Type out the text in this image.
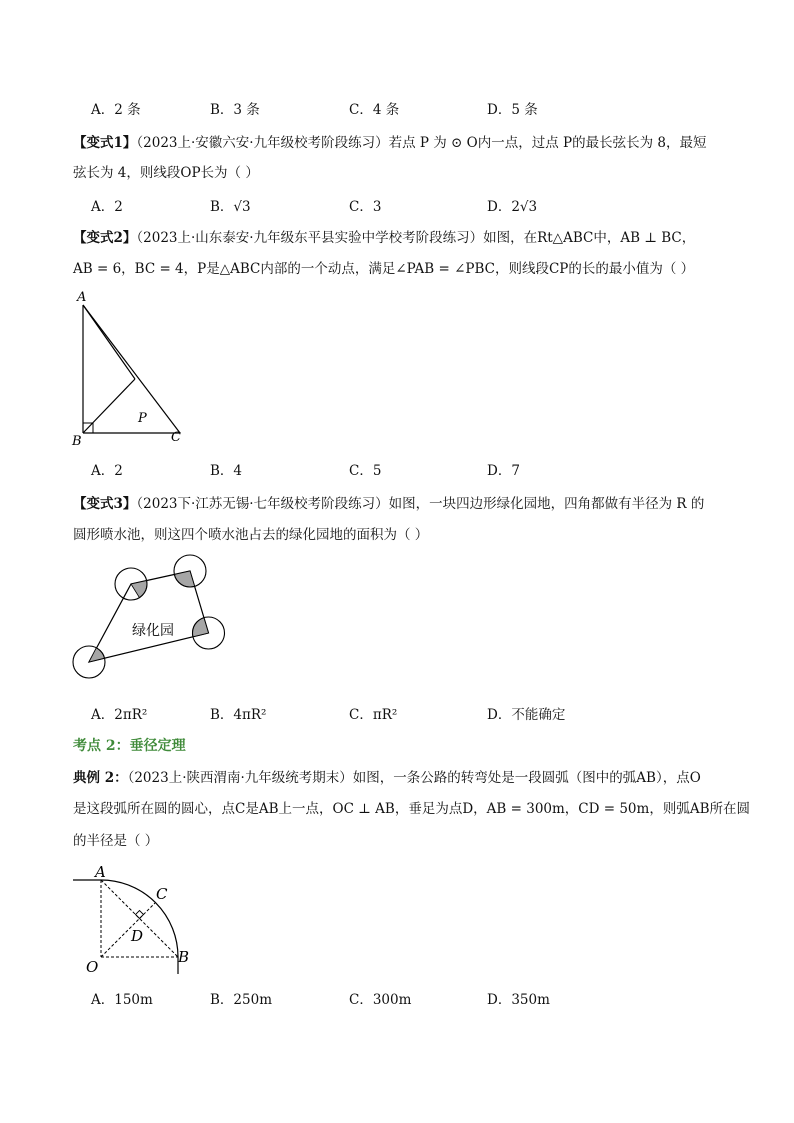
A．2 条	B．3 条	C．4 条	D．5 条
【变式1】（2023上·安徽六安·九年级校考阶段练习）若点 P 为 ⊙ O内一点，过点 P的最长弦长为 8，最短
弦长为 4，则线段OP长为（ ）
A．2	B．√3	C．3	D．2√3
【变式2】（2023上·山东泰安·九年级东平县实验中学校考阶段练习）如图，在Rt△ABC中，AB ⊥ BC，
AB = 6，BC = 4，P是△ABC内部的一个动点，满足∠PAB = ∠PBC，则线段CP的长的最小值为（ ）
A
B	C
P
A．2	B．4	C．5	D．7
【变式3】（2023下·江苏无锡·七年级校考阶段练习）如图，一块四边形绿化园地，四角都做有半径为 R 的
圆形喷水池，则这四个喷水池占去的绿化园地的面积为（ ）
绿化园
A．2πR²	B．4πR²	C．πR²	D．不能确定
考点 2：垂径定理
典例 2：（2023上·陕西渭南·九年级统考期末）如图，一条公路的转弯处是一段圆弧（图中的弧AB），点O
是这段弧所在圆的圆心，点C是AB上一点，OC ⊥ AB，垂足为点D，AB = 300m，CD = 50m，则弧AB所在圆
的半径是（ ）
A
C
D
O
B
A．150m	B．250m	C．300m	D．350m
